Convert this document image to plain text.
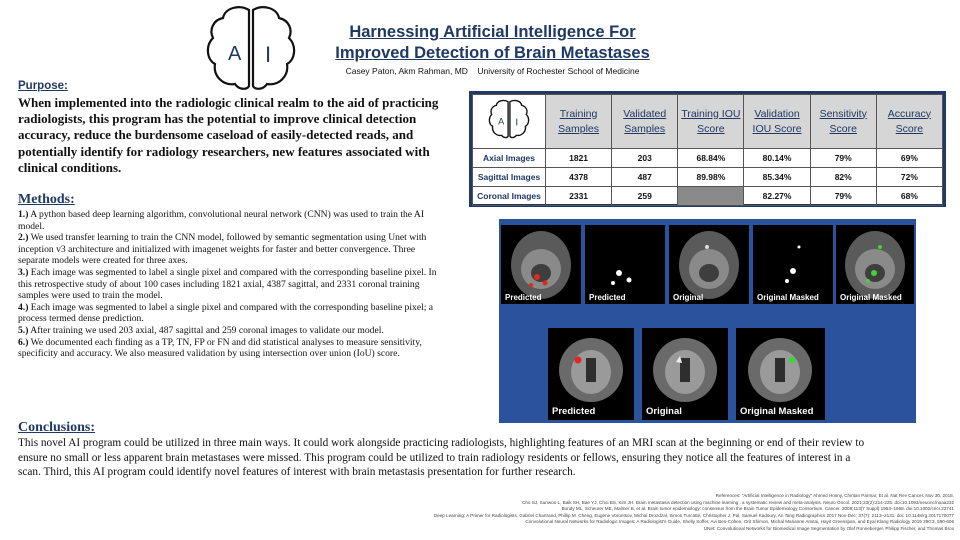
A I
Harnessing Artificial Intelligence For
Improved Detection of Brain Metastases
Casey Paton, Akm Rahman, MD    University of Rochester School of Medicine
Purpose:
When implemented into the radiologic clinical realm to the aid of practicing radiologists, this program has the potential to improve clinical detection accuracy, reduce the burdensome caseload of easily-detected reads, and potentially identify for radiology researchers, new features associated with clinical conditions.
Methods:
1.) A python based deep learning algorithm, convolutional neural network (CNN) was used to train the AI model.
2.) We used transfer learning to train the CNN model, followed by semantic segmentation using Unet with inception v3 architecture and initialized with imagenet weights for faster and better convergence. Three separate models were created for three axes.
3.) Each image was segmented to label a single pixel and compared with the corresponding baseline pixel. In this retrospective study of about 100 cases including 1821 axial, 4387 sagittal, and 2331 coronal training samples were used to train the model.
4.) Each image was segmented to label a single pixel and compared with the corresponding baseline pixel; a process termed dense prediction.
5.) After training we used 203 axial, 487 sagittal and 259 coronal images to validate our model.
6.) We documented each finding as a TP, TN, FP or FN and did statistical analyses to measure sensitivity, specificity and accuracy. We also measured validation by using intersection over union (IoU) score.
A I	Training Samples	Validated Samples	Training IOU Score	Validation IOU Score	Sensitivity Score	Accuracy Score
Axial Images	1821	203	68.84%	80.14%	79%	69%
Sagittal Images	4378	487	89.98%	85.34%	82%	72%
Coronal Images	2331	259		82.27%	79%	68%
Predicted	Predicted	Original	Original Masked	Original Masked
Predicted	Original	Original Masked
Conclusions:
This novel AI program could be utilized in three main ways. It could work alongside practicing radiologists, highlighting features of an MRI scan at the beginning or end of their review to ensure no small or less apparent brain metastases were missed. This program could be utilized to train radiology residents or fellows, ensuring they notice all the features of interest in a scan. Third, this AI program could identify novel features of interest with brain metastasis presentation for further research.
References: "Artificial Intelligence in Radiology" Ahmed Hosny, Chintan Parmar, Et al. Nat Rev Cancer. Nov 30, 2018.
Cho SJ, Sunwoo L, Baik SH, Bae YJ, Choi BS, Kim JH. Brain metastasis detection using machine learning : a systematic review and meta-analysis. Neuro Oncol. 2021;23(2):214-225. doi:10.1093/neuonc/noaa232
Bondy ML, Scheurer ME, Malmer B, et al. Brain tumor epidemiology: consensus from the Brain Tumor Epidemiology Consortium. Cancer. 2008;113(7 Suppl):1953–1968. doi:10.1002/cncr.23741
Deep Learning: A Primer for Radiologists. Gabriel Chartrand, Phillip M. Cheng, Eugene Vorontsov, Michal Drozdzal, Simon Turcotte, Christopher J. Pal, Samuel Kadoury, An Tang Radiographics 2017 Nov-Dec; 37(7): 2113–2131. doi: 10.1148/rg.2017170077
Convolutional Neural Networks for Radiologic Images: A Radiologist's Guide, Shelly Soffer, Avi Ben-Cohen, Orit Shimon, Michal Marianne Amitai, Hayit Greenspan, and Eyal Klang Radiology 2019 290:3, 590-606
UNet: Convolutional Networks for Biomedical Image Segmentation by Olaf Ronneberger, Philipp Fischer, and Thomas Brox
